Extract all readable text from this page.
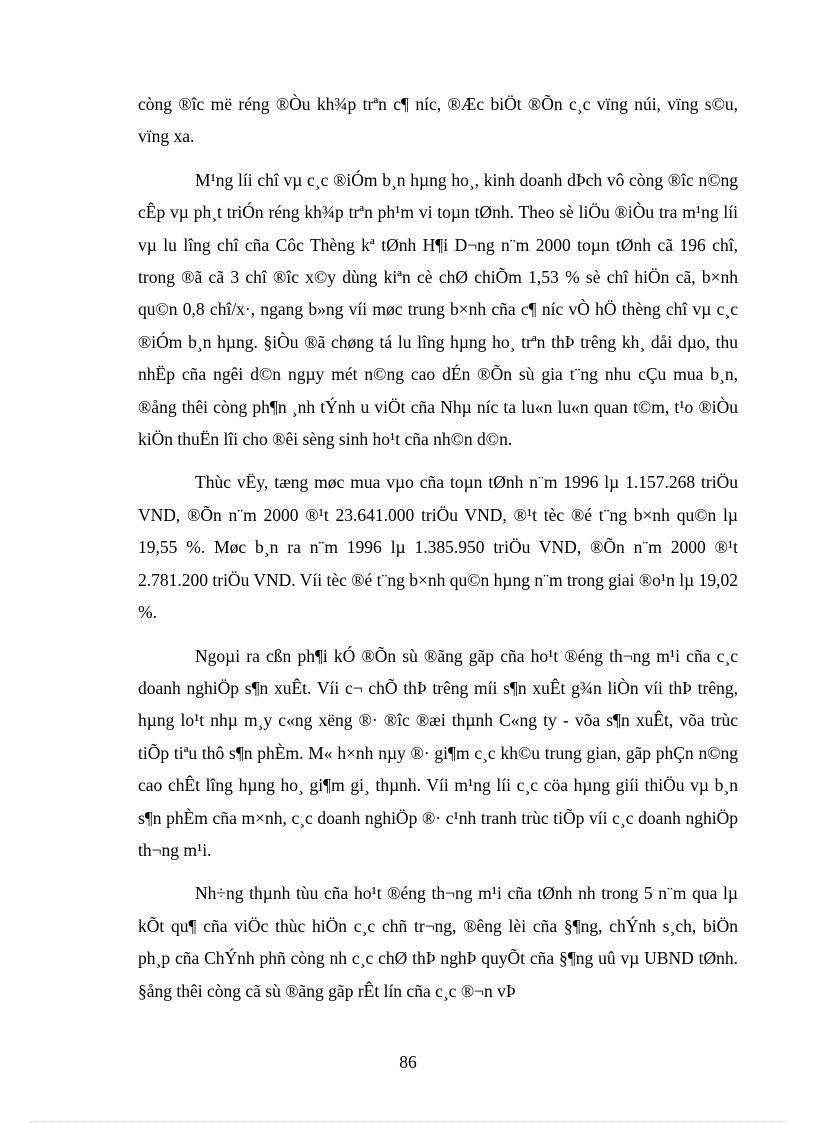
còng ®îc më réng ®Òu kh¾p trªn c¶ níc, ®Æc biÖt ®Õn c¸c vïng núi, vïng s©u, vïng xa.

M¹ng líi chî vµ c¸c ®iÓm b¸n hµng ho¸, kinh doanh dÞch vô còng ®îc n©ng cÊp vµ ph¸t triÓn réng kh¾p trªn ph¹m vi toµn tØnh. Theo sè liÖu ®iÒu tra m¹ng líi vµ lu lîng chî cña Côc Thèng kª tØnh H¶i D¬ng n¨m 2000 toµn tØnh cã 196 chî, trong ®ã cã 3 chî ®îc x©y dùng kiªn cè chØ chiÕm 1,53 % sè chî hiÖn cã, b×nh qu©n 0,8 chî/x·, ngang b»ng víi møc trung b×nh cña c¶ níc vÒ hÖ thèng chî vµ c¸c ®iÓm b¸n hµng. §iÒu ®ã chøng tá lu lîng hµng ho¸ trªn thÞ trêng kh¸ dåi dµo, thu nhËp cña ngêi d©n ngµy mét n©ng cao dÉn ®Õn sù gia t¨ng nhu cÇu mua b¸n, ®ång thêi còng ph¶n ¸nh tÝnh u viÖt cña Nhµ níc ta lu«n lu«n quan t©m, t¹o ®iÒu kiÖn thuËn lîi cho ®êi sèng sinh ho¹t cña nh©n d©n.

Thùc vËy, tæng møc mua vµo cña toµn tØnh n¨m 1996 lµ 1.157.268 triÖu VND, ®Õn n¨m 2000 ®¹t 23.641.000 triÖu VND, ®¹t tèc ®é t¨ng b×nh qu©n lµ 19,55 %. Møc b¸n ra n¨m 1996 lµ 1.385.950 triÖu VND, ®Õn n¨m 2000 ®¹t 2.781.200 triÖu VND. Víi tèc ®é t¨ng b×nh qu©n hµng n¨m trong giai ®o¹n lµ 19,02 %.

Ngoµi ra cßn ph¶i kÓ ®Õn sù ®ãng gãp cña ho¹t ®éng th¬ng m¹i cña c¸c doanh nghiÖp s¶n xuÊt. Víi c¬ chÕ thÞ trêng míi s¶n xuÊt g¾n liÒn víi thÞ trêng, hµng lo¹t nhµ m¸y c«ng xëng ®· ®îc ®æi thµnh C«ng ty - võa s¶n xuÊt, võa trùc tiÕp tiªu thô s¶n phÈm. M« h×nh nµy ®· gi¶m c¸c kh©u trung gian, gãp phÇn n©ng cao chÊt lîng hµng ho¸ gi¶m gi¸ thµnh. Víi m¹ng líi c¸c cöa hµng giíi thiÖu vµ b¸n s¶n phÈm cña m×nh, c¸c doanh nghiÖp ®· c¹nh tranh trùc tiÕp víi c¸c doanh nghiÖp th¬ng m¹i.

Nh÷ng thµnh tùu cña ho¹t ®éng th¬ng m¹i cña tØnh nh trong 5 n¨m qua lµ kÕt qu¶ cña viÖc thùc hiÖn c¸c chñ tr¬ng, ®êng lèi cña §¶ng, chÝnh s¸ch, biÖn ph¸p cña ChÝnh phñ còng nh c¸c chØ thÞ nghÞ quyÕt cña §¶ng uû vµ UBND tØnh. §ång thêi còng cã sù ®ãng gãp rÊt lín cña c¸c ®¬n vÞ

86
